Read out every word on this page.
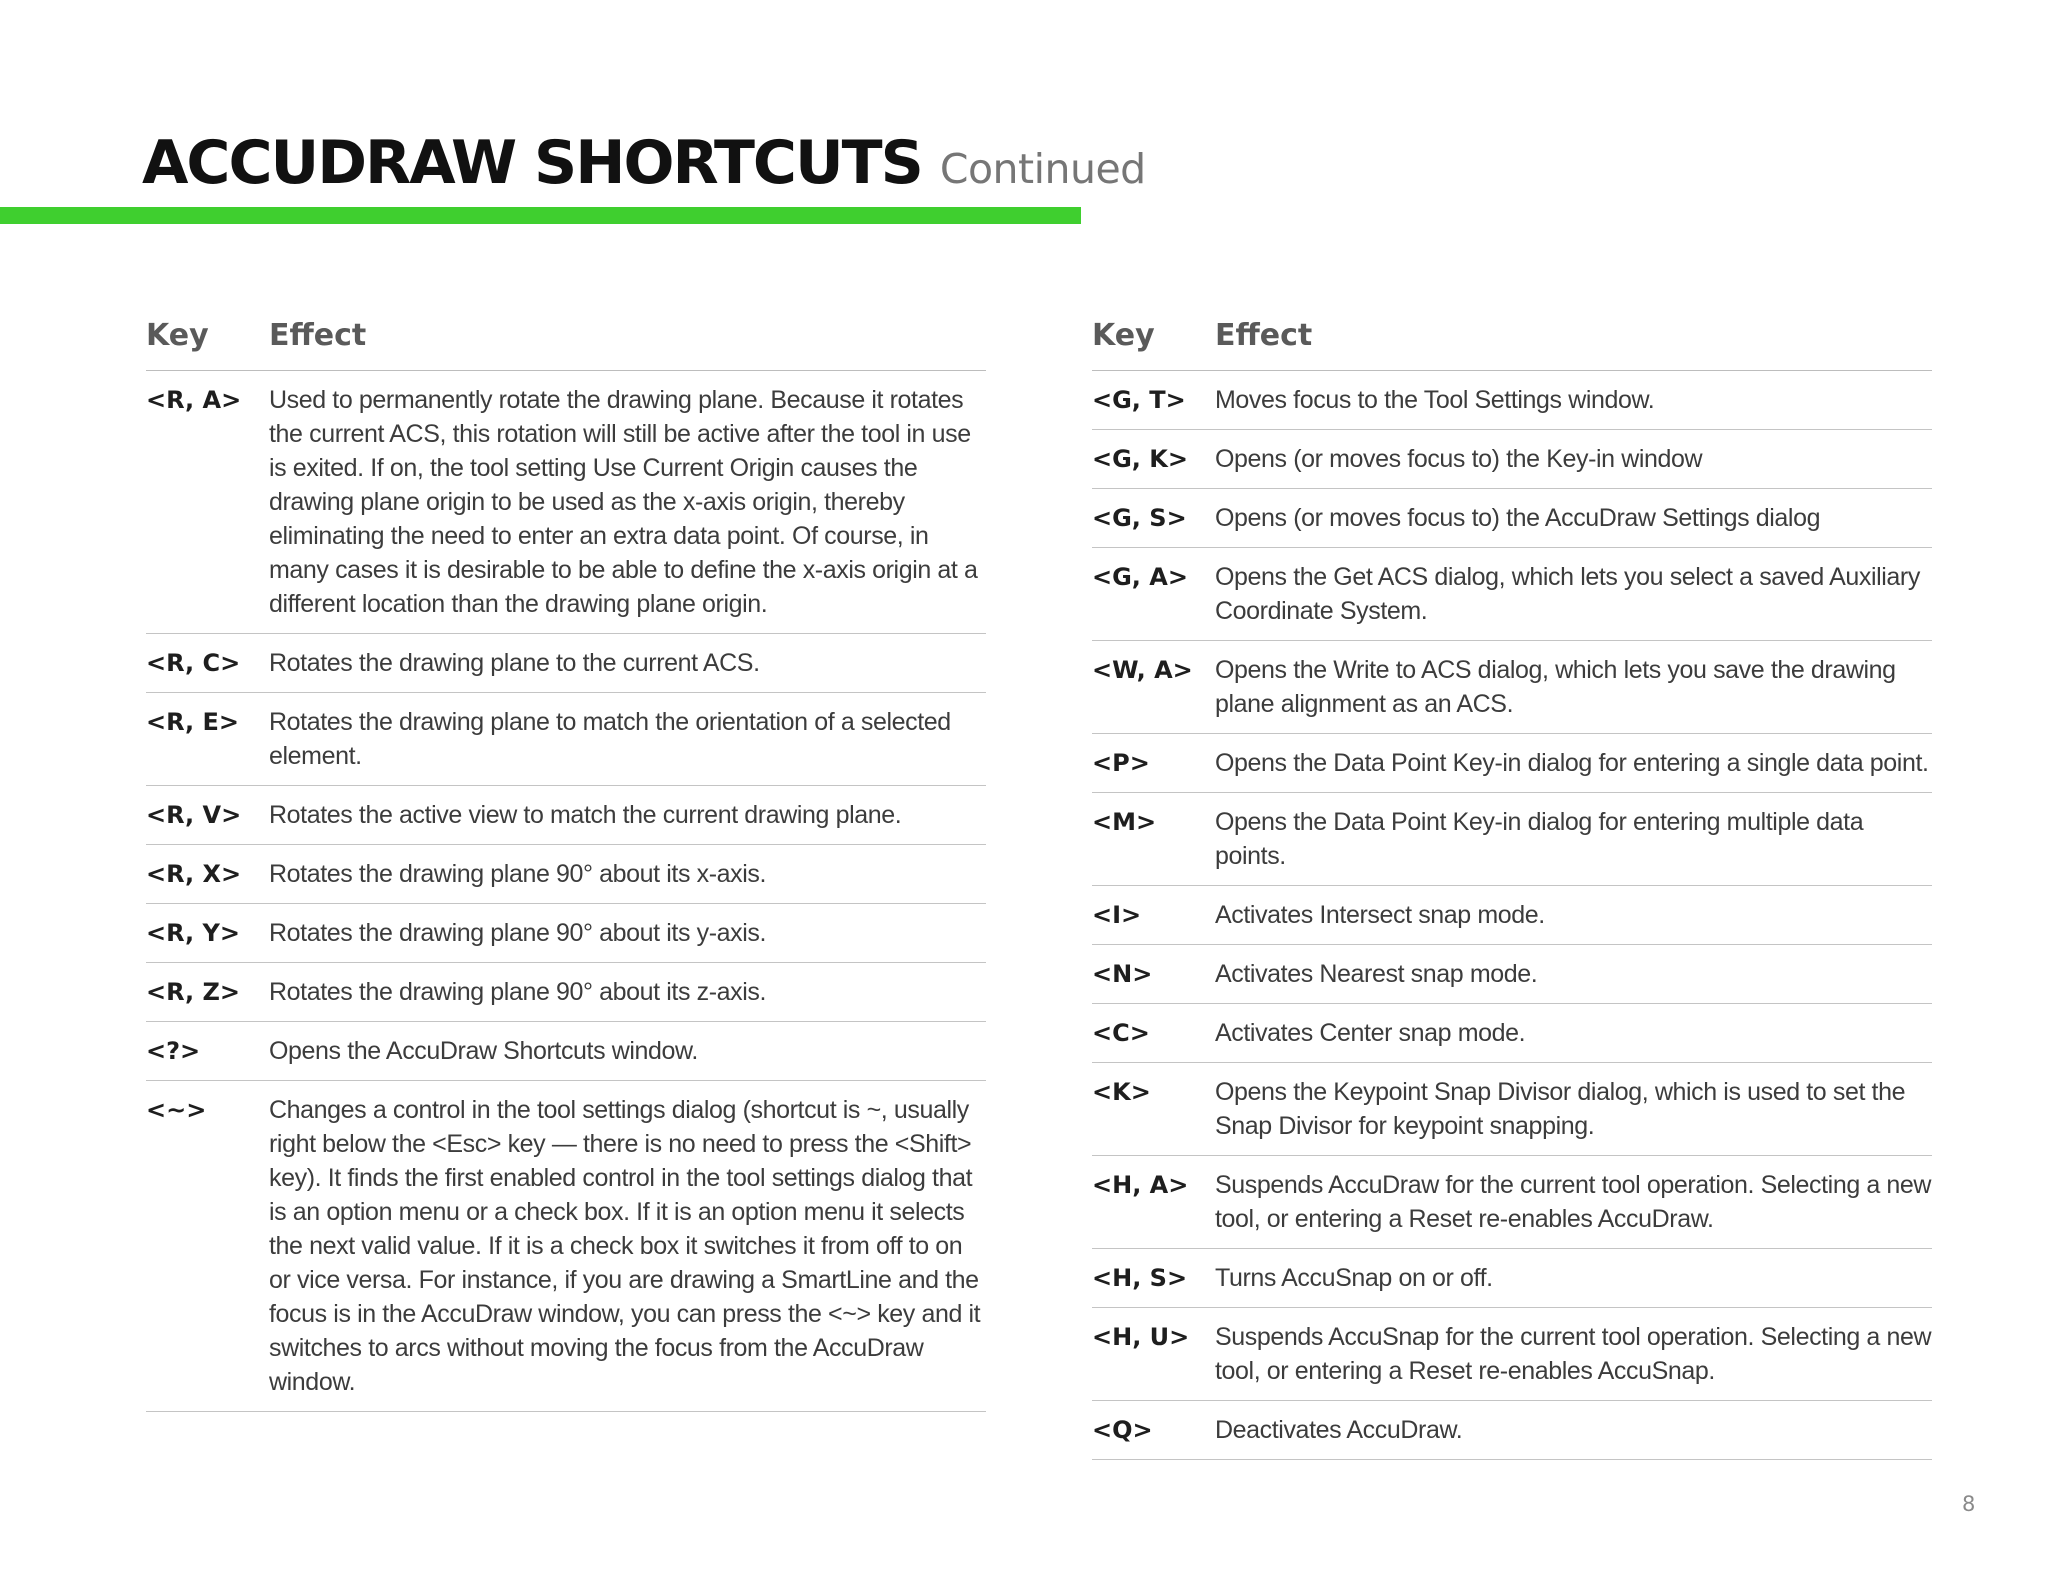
ACCUDRAW SHORTCUTS Continued
Key	Effect
<R, A>	Used to permanently rotate the drawing plane. Because it rotates the current ACS, this rotation will still be active after the tool in use is exited. If on, the tool setting Use Current Origin causes the drawing plane origin to be used as the x-axis origin, thereby eliminating the need to enter an extra data point. Of course, in many cases it is desirable to be able to define the x-axis origin at a different location than the drawing plane origin.
<R, C>	Rotates the drawing plane to the current ACS.
<R, E>	Rotates the drawing plane to match the orientation of a selected element.
<R, V>	Rotates the active view to match the current drawing plane.
<R, X>	Rotates the drawing plane 90° about its x-axis.
<R, Y>	Rotates the drawing plane 90° about its y-axis.
<R, Z>	Rotates the drawing plane 90° about its z-axis.
<?>	Opens the AccuDraw Shortcuts window.
<~>	Changes a control in the tool settings dialog (shortcut is ~, usually right below the <Esc> key — there is no need to press the <Shift> key). It finds the first enabled control in the tool settings dialog that is an option menu or a check box. If it is an option menu it selects the next valid value. If it is a check box it switches it from off to on or vice versa. For instance, if you are drawing a SmartLine and the focus is in the AccuDraw window, you can press the <~> key and it switches to arcs without moving the focus from the AccuDraw window.
Key	Effect
<G, T>	Moves focus to the Tool Settings window.
<G, K>	Opens (or moves focus to) the Key-in window
<G, S>	Opens (or moves focus to) the AccuDraw Settings dialog
<G, A>	Opens the Get ACS dialog, which lets you select a saved Auxiliary Coordinate System.
<W, A> Opens the Write to ACS dialog, which lets you save the drawing plane alignment as an ACS.
<P>	Opens the Data Point Key-in dialog for entering a single data point.
<M>	Opens the Data Point Key-in dialog for entering multiple data points.
<I>	Activates Intersect snap mode.
<N>	Activates Nearest snap mode.
<C>	Activates Center snap mode.
<K>	Opens the Keypoint Snap Divisor dialog, which is used to set the Snap Divisor for keypoint snapping.
<H, A>	Suspends AccuDraw for the current tool operation. Selecting a new tool, or entering a Reset re-enables AccuDraw.
<H, S>	Turns AccuSnap on or off.
<H, U>	Suspends AccuSnap for the current tool operation. Selecting a new tool, or entering a Reset re-enables AccuSnap.
<Q>	Deactivates AccuDraw.
8
